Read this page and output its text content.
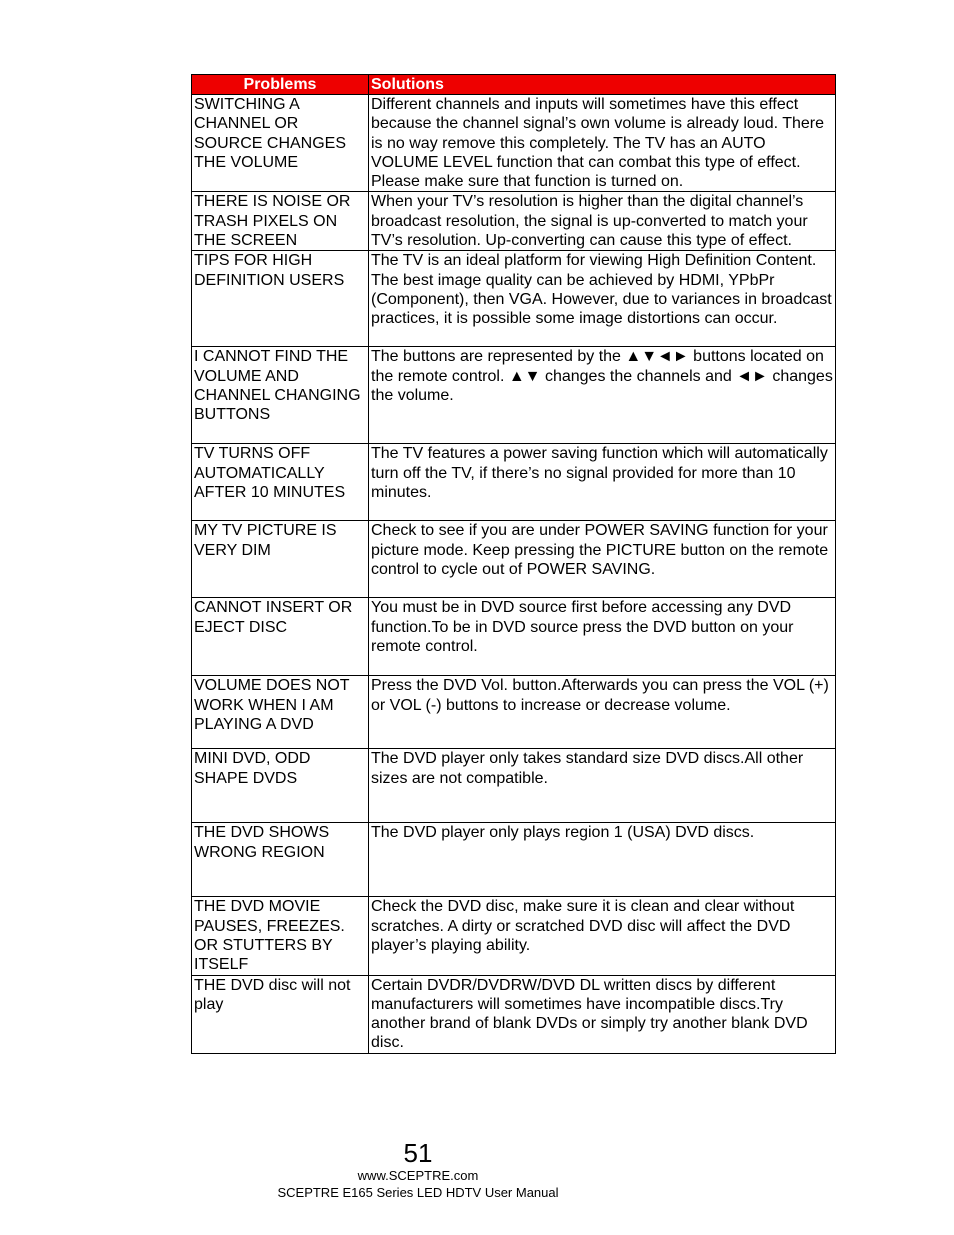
Problems	Solutions
SWITCHING A CHANNEL OR SOURCE CHANGES THE VOLUME	Different channels and inputs will sometimes have this effect because the channel signal’s own volume is already loud. There is no way remove this completely. The TV has an AUTO VOLUME LEVEL function that can combat this type of effect. Please make sure that function is turned on.
THERE IS NOISE OR TRASH PIXELS ON THE SCREEN	When your TV’s resolution is higher than the digital channel’s broadcast resolution, the signal is up-converted to match your TV’s resolution. Up-converting can cause this type of effect.
TIPS FOR HIGH DEFINITION USERS	The TV is an ideal platform for viewing High Definition Content. The best image quality can be achieved by HDMI, YPbPr (Component), then VGA. However, due to variances in broadcast practices, it is possible some image distortions can occur.
I CANNOT FIND THE VOLUME AND CHANNEL CHANGING BUTTONS	The buttons are represented by the ▲▼◄► buttons located on the remote control. ▲▼ changes the channels and ◄► changes the volume.
TV TURNS OFF AUTOMATICALLY AFTER 10 MINUTES	The TV features a power saving function which will automatically turn off the TV, if there’s no signal provided for more than 10 minutes.
MY TV PICTURE IS VERY DIM	Check to see if you are under POWER SAVING function for your picture mode. Keep pressing the PICTURE button on the remote control to cycle out of POWER SAVING.
CANNOT INSERT OR EJECT DISC	You must be in DVD source first before accessing any DVD function.To be in DVD source press the DVD button on your remote control.
VOLUME DOES NOT WORK WHEN I AM PLAYING A DVD	Press the DVD Vol. button.Afterwards you can press the VOL (+) or VOL (-) buttons to increase or decrease volume.
MINI DVD, ODD SHAPE DVDS	The DVD player only takes standard size DVD discs.All other sizes are not compatible.
THE DVD SHOWS WRONG REGION	The DVD player only plays region 1 (USA) DVD discs.
THE DVD MOVIE PAUSES, FREEZES. OR STUTTERS BY ITSELF	Check the DVD disc, make sure it is clean and clear without scratches. A dirty or scratched DVD disc will affect the DVD player’s playing ability.
THE DVD disc will not play	Certain DVDR/DVDRW/DVD DL written discs by different manufacturers will sometimes have incompatible discs.Try another brand of blank DVDs or simply try another blank DVD disc.
51
www.SCEPTRE.com
SCEPTRE E165 Series LED HDTV User Manual
